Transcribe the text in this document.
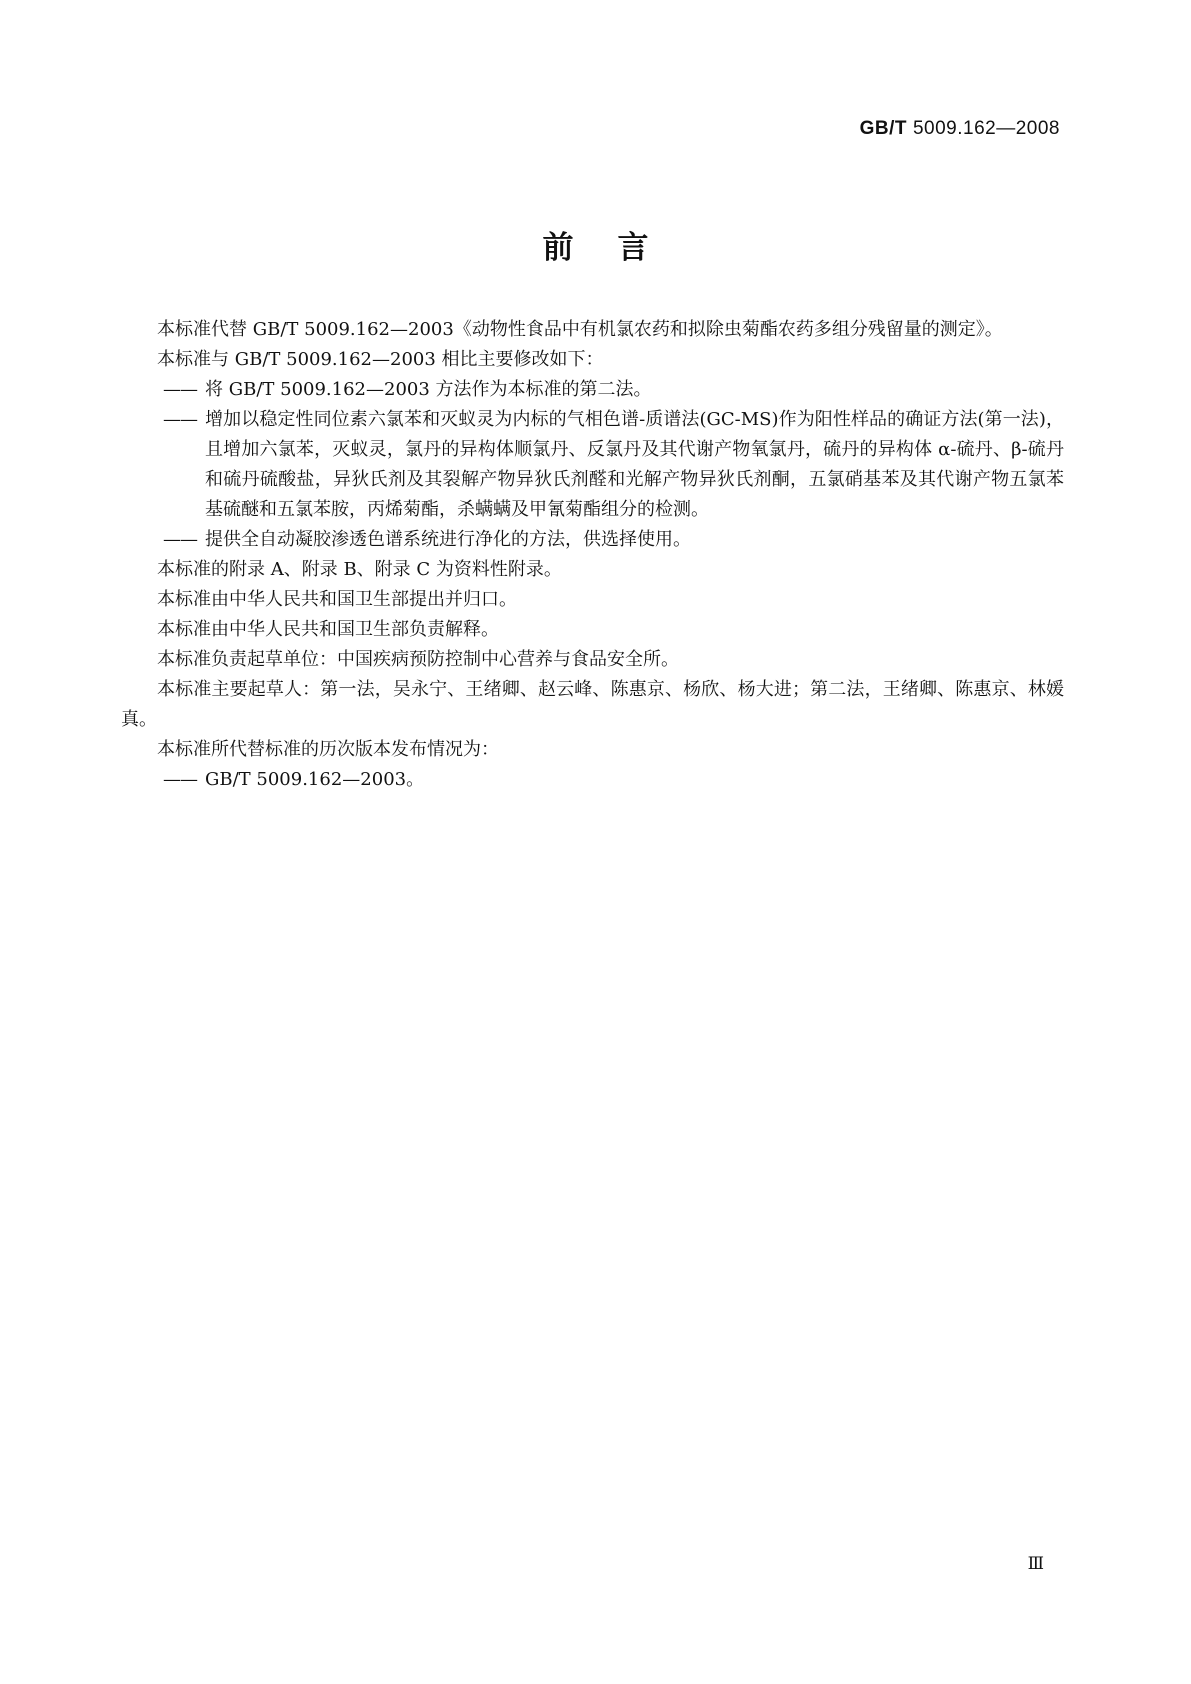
GB/T 5009.162—2008
前言

本标准代替 GB/T 5009.162—2003《动物性食品中有机氯农药和拟除虫菊酯农药多组分残留量的测定》。

本标准与 GB/T 5009.162—2003 相比主要修改如下：

—— 将 GB/T 5009.162—2003 方法作为本标准的第二法。

—— 增加以稳定性同位素六氯苯和灭蚁灵为内标的气相色谱-质谱法(GC-MS)作为阳性样品的确证方法(第一法)，且增加六氯苯，灭蚁灵，氯丹的异构体顺氯丹、反氯丹及其代谢产物氧氯丹，硫丹的异构体 α-硫丹、β-硫丹和硫丹硫酸盐，异狄氏剂及其裂解产物异狄氏剂醛和光解产物异狄氏剂酮，五氯硝基苯及其代谢产物五氯苯基硫醚和五氯苯胺，丙烯菊酯，杀螨螨及甲氰菊酯组分的检测。

—— 提供全自动凝胶渗透色谱系统进行净化的方法，供选择使用。

本标准的附录 A、附录 B、附录 C 为资料性附录。

本标准由中华人民共和国卫生部提出并归口。

本标准由中华人民共和国卫生部负责解释。

本标准负责起草单位：中国疾病预防控制中心营养与食品安全所。

本标准主要起草人：第一法，吴永宁、王绪卿、赵云峰、陈惠京、杨欣、杨大进；第二法，王绪卿、陈惠京、林媛真。

本标准所代替标准的历次版本发布情况为：

—— GB/T 5009.162—2003。

Ⅲ
